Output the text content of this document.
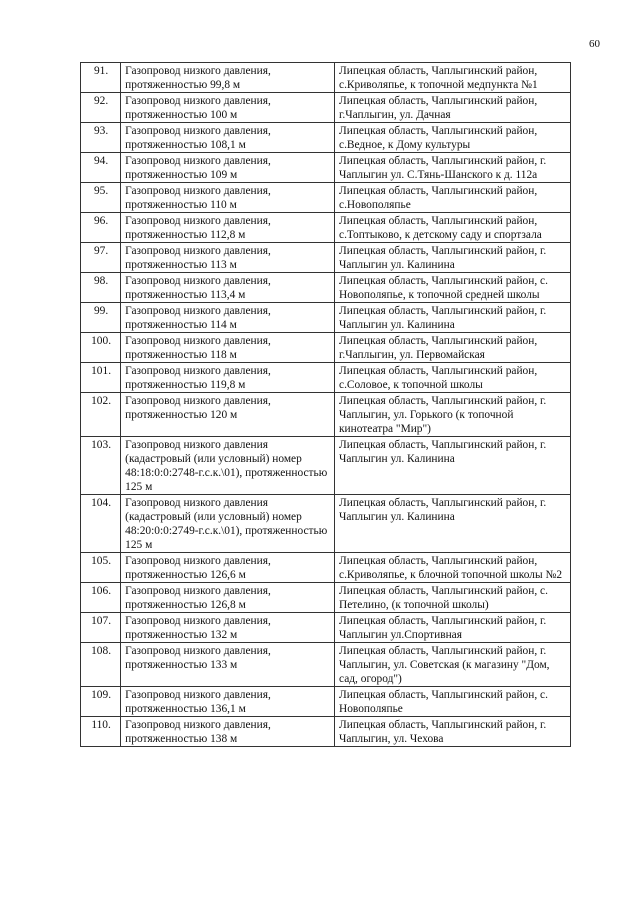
60
91.	Газопровод низкого давления, протяженностью 99,8 м	Липецкая область, Чаплыгинский район, с.Криволяпье, к топочной медпункта №1
92.	Газопровод низкого давления, протяженностью 100 м	Липецкая область, Чаплыгинский район, г.Чаплыгин, ул. Дачная
93.	Газопровод низкого давления, протяженностью 108,1 м	Липецкая область, Чаплыгинский район, с.Ведное, к Дому культуры
94.	Газопровод низкого давления, протяженностью 109 м	Липецкая область, Чаплыгинский район, г. Чаплыгин ул. С.Тянь-Шанского к д. 112а
95.	Газопровод низкого давления, протяженностью 110 м	Липецкая область, Чаплыгинский район, с.Новополяпье
96.	Газопровод низкого давления, протяженностью 112,8 м	Липецкая область, Чаплыгинский район, с.Топтыково, к детскому саду и спортзала
97.	Газопровод низкого давления, протяженностью 113 м	Липецкая область, Чаплыгинский район, г. Чаплыгин ул. Калинина
98.	Газопровод низкого давления, протяженностью 113,4 м	Липецкая область, Чаплыгинский район, с. Новополяпье, к топочной средней школы
99.	Газопровод низкого давления, протяженностью 114 м	Липецкая область, Чаплыгинский район, г. Чаплыгин ул. Калинина
100.	Газопровод низкого давления, протяженностью 118 м	Липецкая область, Чаплыгинский район, г.Чаплыгин, ул. Первомайская
101.	Газопровод низкого давления, протяженностью 119,8 м	Липецкая область, Чаплыгинский район, с.Соловое, к топочной школы
102.	Газопровод низкого давления, протяженностью 120 м	Липецкая область, Чаплыгинский район, г. Чаплыгин, ул. Горького (к топочной кинотеатра "Мир")
103.	Газопровод низкого давления (кадастровый (или условный) номер 48:18:0:0:2748-г.с.к.\01), протяженностью 125 м	Липецкая область, Чаплыгинский район, г. Чаплыгин ул. Калинина
104.	Газопровод низкого давления (кадастровый (или условный) номер 48:20:0:0:2749-г.с.к.\01), протяженностью 125 м	Липецкая область, Чаплыгинский район, г. Чаплыгин ул. Калинина
105.	Газопровод низкого давления, протяженностью 126,6 м	Липецкая область, Чаплыгинский район, с.Криволяпье, к блочной топочной школы №2
106.	Газопровод низкого давления, протяженностью 126,8 м	Липецкая область, Чаплыгинский район, с. Петелино, (к топочной школы)
107.	Газопровод низкого давления, протяженностью 132 м	Липецкая область, Чаплыгинский район, г. Чаплыгин ул.Спортивная
108.	Газопровод низкого давления, протяженностью 133 м	Липецкая область, Чаплыгинский район, г. Чаплыгин, ул. Советская (к магазину "Дом, сад, огород")
109.	Газопровод низкого давления, протяженностью 136,1 м	Липецкая область, Чаплыгинский район, с. Новополяпье
110.	Газопровод низкого давления, протяженностью 138 м	Липецкая область, Чаплыгинский район, г. Чаплыгин, ул. Чехова
